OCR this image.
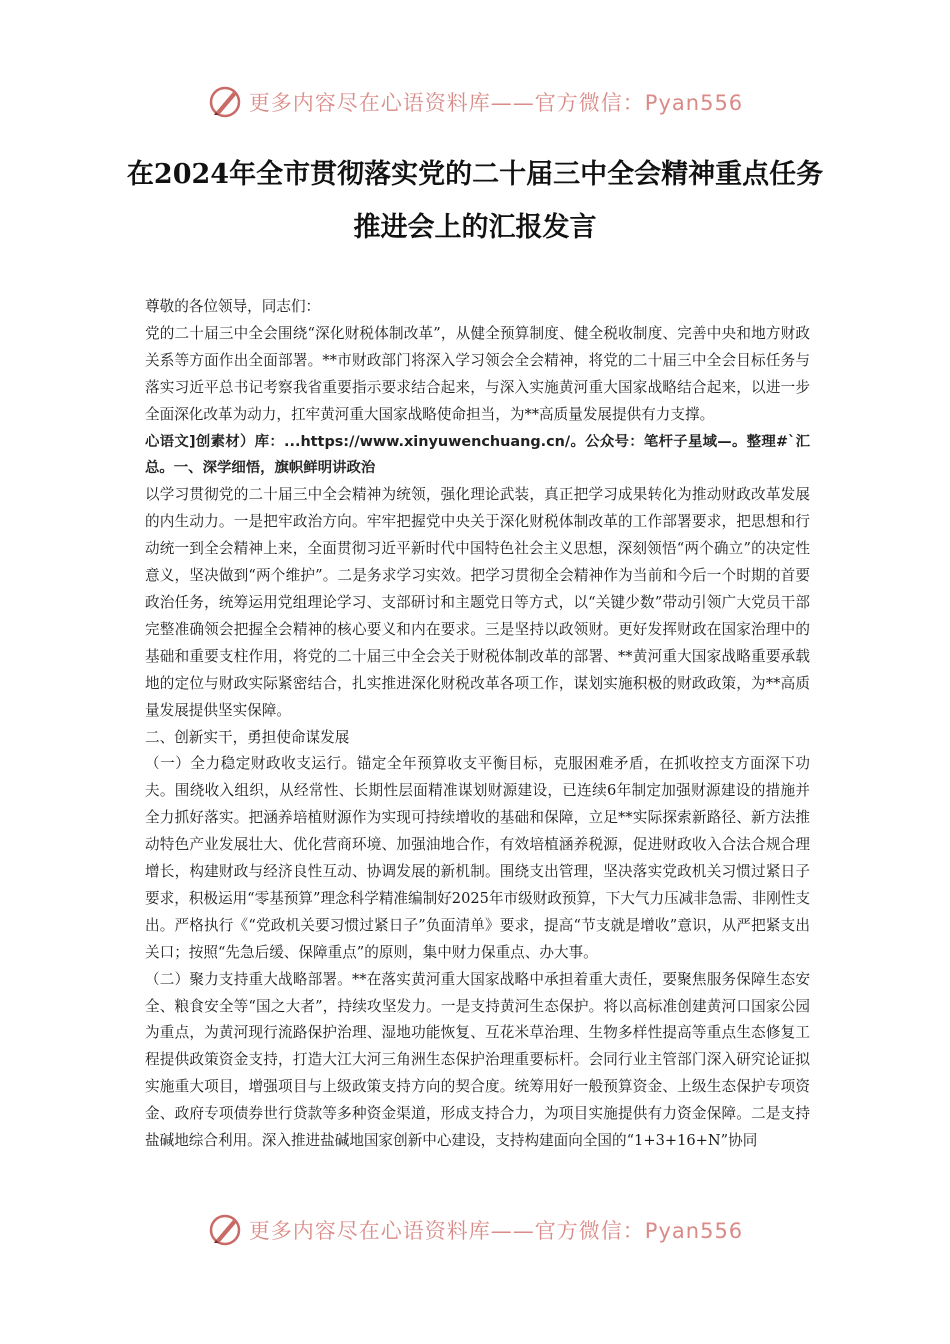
更多内容尽在心语资料库——官方微信：Pyan556
在2024年全市贯彻落实党的二十届三中全会精神重点任务推进会上的汇报发言

尊敬的各位领导，同志们：

党的二十届三中全会围绕“深化财税体制改革”，从健全预算制度、健全税收制度、完善中央和地方财政关系等方面作出全面部署。**市财政部门将深入学习领会全会精神，将党的二十届三中全会目标任务与落实习近平总书记考察我省重要指示要求结合起来，与深入实施黄河重大国家战略结合起来，以进一步全面深化改革为动力，扛牢黄河重大国家战略使命担当，为**高质量发展提供有力支撑。

心语文]创素材）库：...https://www.xinyuwenchuang.cn/。公众号：笔杆子星域—。整理#`汇总。一、深学细悟，旗帜鲜明讲政治

以学习贯彻党的二十届三中全会精神为统领，强化理论武装，真正把学习成果转化为推动财政改革发展的内生动力。一是把牢政治方向。牢牢把握党中央关于深化财税体制改革的工作部署要求，把思想和行动统一到全会精神上来，全面贯彻习近平新时代中国特色社会主义思想，深刻领悟“两个确立”的决定性意义，坚决做到“两个维护”。二是务求学习实效。把学习贯彻全会精神作为当前和今后一个时期的首要政治任务，统筹运用党组理论学习、支部研讨和主题党日等方式，以“关键少数”带动引领广大党员干部完整准确领会把握全会精神的核心要义和内在要求。三是坚持以政领财。更好发挥财政在国家治理中的基础和重要支柱作用，将党的二十届三中全会关于财税体制改革的部署、**黄河重大国家战略重要承载地的定位与财政实际紧密结合，扎实推进深化财税改革各项工作，谋划实施积极的财政政策，为**高质量发展提供坚实保障。

二、创新实干，勇担使命谋发展

（一）全力稳定财政收支运行。锚定全年预算收支平衡目标，克服困难矛盾，在抓收控支方面深下功夫。围绕收入组织，从经常性、长期性层面精准谋划财源建设，已连续6年制定加强财源建设的措施并全力抓好落实。把涵养培植财源作为实现可持续增收的基础和保障，立足**实际探索新路径、新方法推动特色产业发展壮大、优化营商环境、加强油地合作，有效培植涵养税源，促进财政收入合法合规合理增长，构建财政与经济良性互动、协调发展的新机制。围绕支出管理，坚决落实党政机关习惯过紧日子要求，积极运用“零基预算”理念科学精准编制好2025年市级财政预算，下大气力压减非急需、非刚性支出。严格执行《“党政机关要习惯过紧日子”负面清单》要求，提高“节支就是增收”意识，从严把紧支出关口；按照“先急后缓、保障重点”的原则，集中财力保重点、办大事。

（二）聚力支持重大战略部署。**在落实黄河重大国家战略中承担着重大责任，要聚焦服务保障生态安全、粮食安全等“国之大者”，持续攻坚发力。一是支持黄河生态保护。将以高标准创建黄河口国家公园为重点，为黄河现行流路保护治理、湿地功能恢复、互花米草治理、生物多样性提高等重点生态修复工程提供政策资金支持，打造大江大河三角洲生态保护治理重要标杆。会同行业主管部门深入研究论证拟实施重大项目，增强项目与上级政策支持方向的契合度。统筹用好一般预算资金、上级生态保护专项资金、政府专项债券世行贷款等多种资金渠道，形成支持合力，为项目实施提供有力资金保障。二是支持盐碱地综合利用。深入推进盐碱地国家创新中心建设，支持构建面向全国的“1+3+16+N”协同

更多内容尽在心语资料库——官方微信：Pyan556
